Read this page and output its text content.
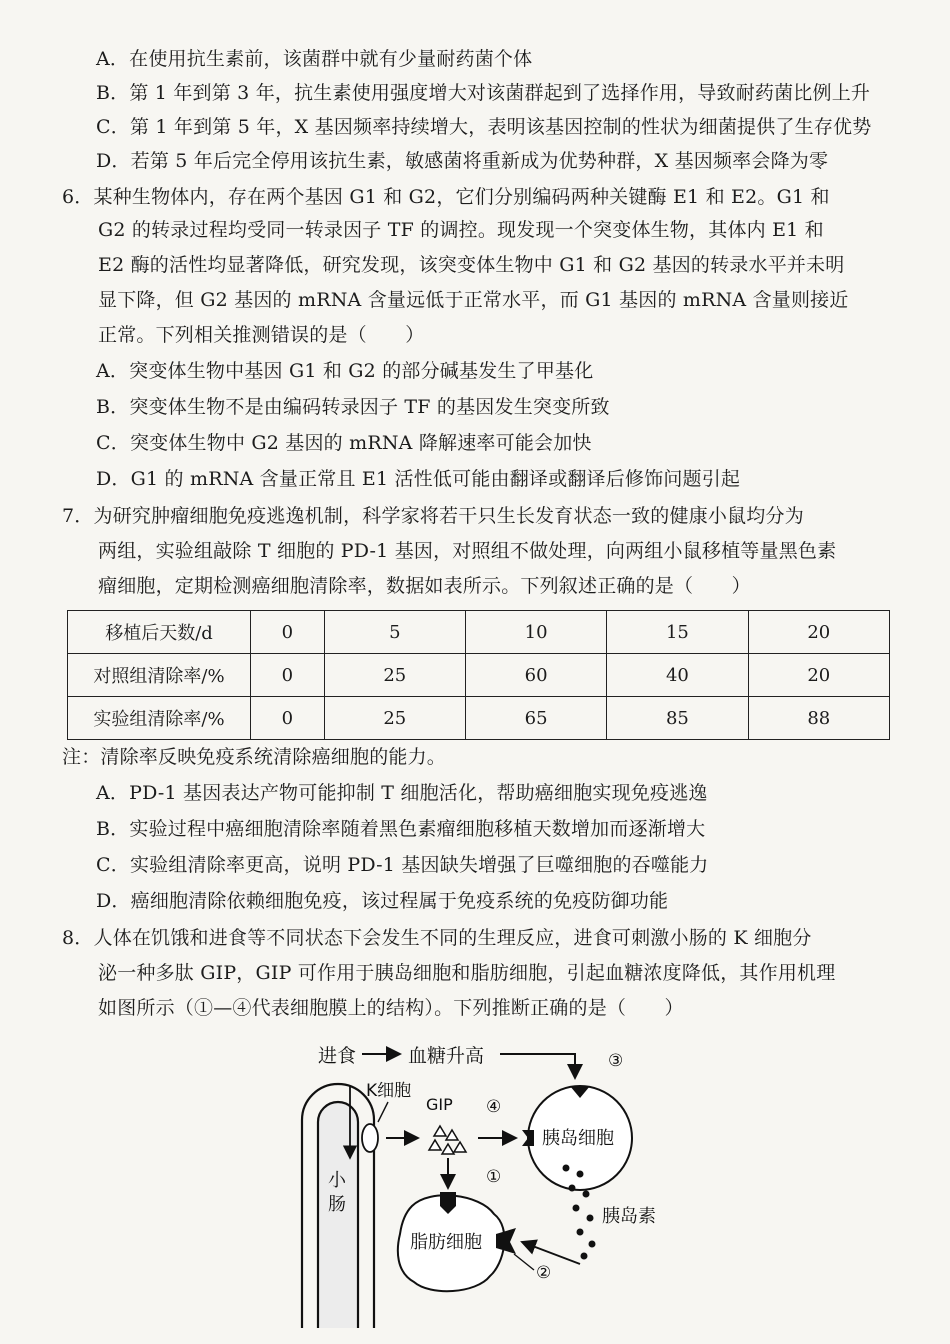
A．在使用抗生素前，该菌群中就有少量耐药菌个体
B．第 1 年到第 3 年，抗生素使用强度增大对该菌群起到了选择作用，导致耐药菌比例上升
C．第 1 年到第 5 年，X 基因频率持续增大，表明该基因控制的性状为细菌提供了生存优势
D．若第 5 年后完全停用该抗生素，敏感菌将重新成为优势种群，X 基因频率会降为零
6．某种生物体内，存在两个基因 G1 和 G2，它们分别编码两种关键酶 E1 和 E2。G1 和
G2 的转录过程均受同一转录因子 TF 的调控。现发现一个突变体生物，其体内 E1 和
E2 酶的活性均显著降低，研究发现，该突变体生物中 G1 和 G2 基因的转录水平并未明
显下降，但 G2 基因的 mRNA 含量远低于正常水平，而 G1 基因的 mRNA 含量则接近
正常。下列相关推测错误的是（　　）
A．突变体生物中基因 G1 和 G2 的部分碱基发生了甲基化
B．突变体生物不是由编码转录因子 TF 的基因发生突变所致
C．突变体生物中 G2 基因的 mRNA 降解速率可能会加快
D．G1 的 mRNA 含量正常且 E1 活性低可能由翻译或翻译后修饰问题引起
7．为研究肿瘤细胞免疫逃逸机制，科学家将若干只生长发育状态一致的健康小鼠均分为
两组，实验组敲除 T 细胞的 PD-1 基因，对照组不做处理，向两组小鼠移植等量黑色素
瘤细胞，定期检测癌细胞清除率，数据如表所示。下列叙述正确的是（　　）
移植后天数/d	0	5	10	15	20
对照组清除率/%	0	25	60	40	20
实验组清除率/%	0	25	65	85	88
注：清除率反映免疫系统清除癌细胞的能力。
A．PD-1 基因表达产物可能抑制 T 细胞活化，帮助癌细胞实现免疫逃逸
B．实验过程中癌细胞清除率随着黑色素瘤细胞移植天数增加而逐渐增大
C．实验组清除率更高，说明 PD-1 基因缺失增强了巨噬细胞的吞噬能力
D．癌细胞清除依赖细胞免疫，该过程属于免疫系统的免疫防御功能
8．人体在饥饿和进食等不同状态下会发生不同的生理反应，进食可刺激小肠的 K 细胞分
泌一种多肽 GIP，GIP 可作用于胰岛细胞和脂肪细胞，引起血糖浓度降低，其作用机理
如图所示（①—④代表细胞膜上的结构）。下列推断正确的是（　　）
进食	血糖升高	③
小
肠
K细胞
GIP ④
①
胰岛细胞
胰岛素
脂肪细胞
②
